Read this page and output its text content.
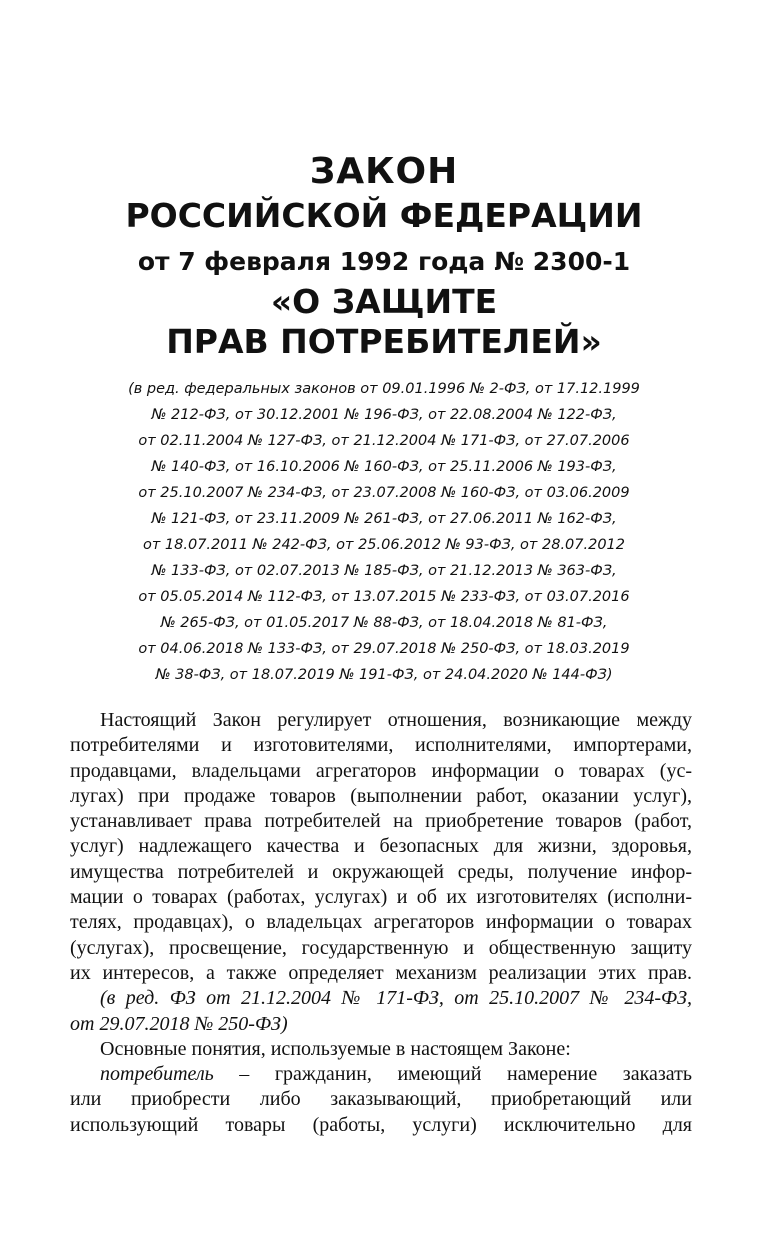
ЗАКОН
РОССИЙСКОЙ ФЕДЕРАЦИИ
от 7 февраля 1992 года № 2300-1
«О ЗАЩИТЕ
ПРАВ ПОТРЕБИТЕЛЕЙ»
(в ред. федеральных законов от 09.01.1996 № 2-ФЗ, от 17.12.1999
№ 212-ФЗ, от 30.12.2001 № 196-ФЗ, от 22.08.2004 № 122-ФЗ,
от 02.11.2004 № 127-ФЗ, от 21.12.2004 № 171-ФЗ, от 27.07.2006
№ 140-ФЗ, от 16.10.2006 № 160-ФЗ, от 25.11.2006 № 193-ФЗ,
от 25.10.2007 № 234-ФЗ, от 23.07.2008 № 160-ФЗ, от 03.06.2009
№ 121-ФЗ, от 23.11.2009 № 261-ФЗ, от 27.06.2011 № 162-ФЗ,
от 18.07.2011 № 242-ФЗ, от 25.06.2012 № 93-ФЗ, от 28.07.2012
№ 133-ФЗ, от 02.07.2013 № 185-ФЗ, от 21.12.2013 № 363-ФЗ,
от 05.05.2014 № 112-ФЗ, от 13.07.2015 № 233-ФЗ, от 03.07.2016
№ 265-ФЗ, от 01.05.2017 № 88-ФЗ, от 18.04.2018 № 81-ФЗ,
от 04.06.2018 № 133-ФЗ, от 29.07.2018 № 250-ФЗ, от 18.03.2019
№ 38-ФЗ, от 18.07.2019 № 191-ФЗ, от 24.04.2020 № 144-ФЗ)
Настоящий Закон регулирует отношения, возникающие между
потребителями и изготовителями, исполнителями, импортерами,
продавцами, владельцами агрегаторов информации о товарах (ус-
лугах) при продаже товаров (выполнении работ, оказании услуг),
устанавливает права потребителей на приобретение товаров (работ,
услуг) надлежащего качества и безопасных для жизни, здоровья,
имущества потребителей и окружающей среды, получение инфор-
мации о товарах (работах, услугах) и об их изготовителях (исполни-
телях, продавцах), о владельцах агрегаторов информации о товарах
(услугах), просвещение, государственную и общественную защиту
их интересов, а также определяет механизм реализации этих прав.
(в ред. ФЗ от 21.12.2004 № 171-ФЗ, от 25.10.2007 № 234-ФЗ,
от 29.07.2018 № 250-ФЗ)
Основные понятия, используемые в настоящем Законе:
потребитель – гражданин, имеющий намерение заказать
или приобрести либо заказывающий, приобретающий или
использующий товары (работы, услуги) исключительно для
